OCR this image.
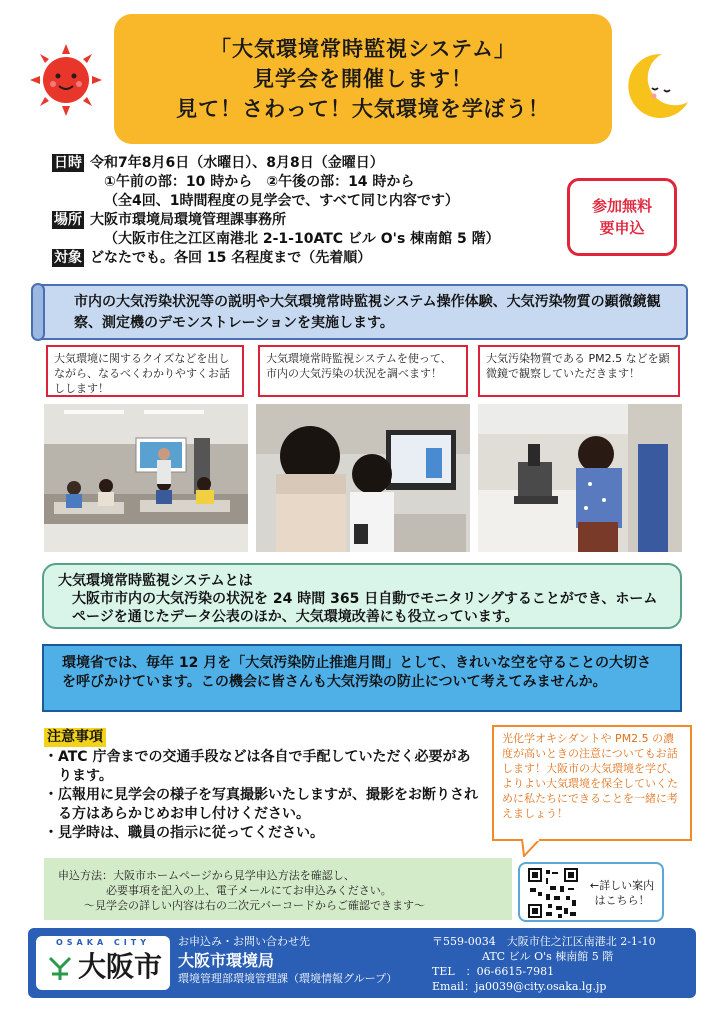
「大気環境常時監視システム」
見学会を開催します！
見て！さわって！大気環境を学ぼう！
日時 令和7年8月6日（水曜日）、8月8日（金曜日）
①午前の部：10 時から　②午後の部：14 時から
（全4回、1時間程度の見学会で、すべて同じ内容です）
場所 大阪市環境局環境管理課事務所
（大阪市住之江区南港北 2-1-10ATC ビル O's 棟南館 5 階）
対象 どなたでも。各回 15 名程度まで（先着順）
参加無料
要申込
市内の大気汚染状況等の説明や大気環境常時監視システム操作体験、大気汚染物質の顕微鏡観察、測定機のデモンストレーションを実施します。
大気環境に関するクイズなどを出しながら、なるべくわかりやすくお話しします！
大気環境常時監視システムを使って、市内の大気汚染の状況を調べます！
大気汚染物質である PM2.5 などを顕微鏡で観察していただきます！
大気環境常時監視システムとは
大阪市市内の大気汚染の状況を 24 時間 365 日自動でモニタリングすることができ、ホームページを通じたデータ公表のほか、大気環境改善にも役立っています。
環境省では、毎年 12 月を「大気汚染防止推進月間」として、きれいな空を守ることの大切さを呼びかけています。この機会に皆さんも大気汚染の防止について考えてみませんか。
注意事項
・ATC 庁舎までの交通手段などは各自で手配していただく必要があります。
・広報用に見学会の様子を写真撮影いたしますが、撮影をお断りされる方はあらかじめお申し付けください。
・見学時は、職員の指示に従ってください。
光化学オキシダントや PM2.5 の濃度が高いときの注意についてもお話します！大阪市の大気環境を学び、よりよい大気環境を保全していくために私たちにできることを一緒に考えましょう！
申込方法：大阪市ホームページから見学申込方法を確認し、
必要事項を記入の上、電子メールにてお申込みください。
～見学会の詳しい内容は右の二次元バーコードからご確認できます～
←詳しい案内
はこちら！
OSAKA CITY
大阪市
お申込み・お問い合わせ先
大阪市環境局
環境管理部環境管理課（環境情報グループ）
〒559-0034　大阪市住之江区南港北 2-1-10
ATC ビル O's 棟南館 5 階
TEL　：06-6615-7981
Email：ja0039@city.osaka.lg.jp
